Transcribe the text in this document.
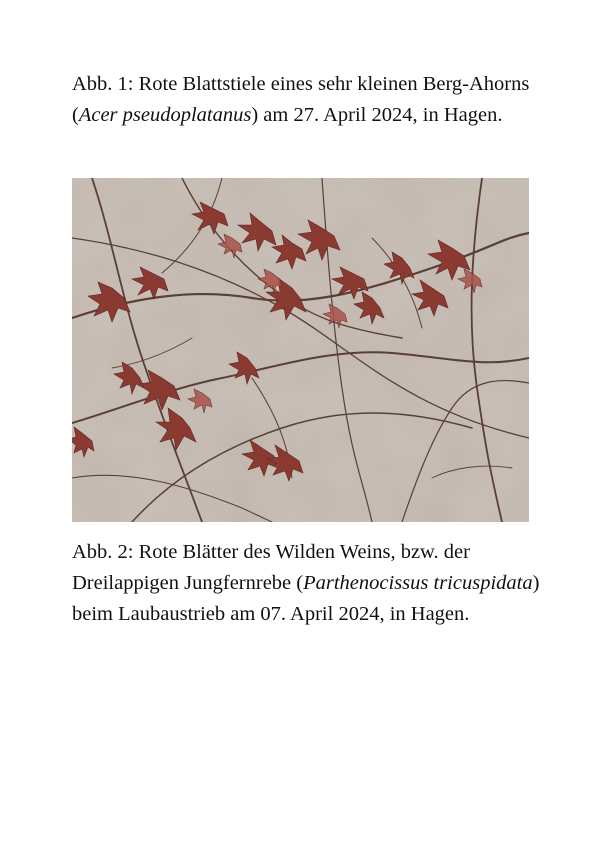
Abb. 1: Rote Blattstiele eines sehr kleinen Berg-Ahorns (Acer pseudoplatanus) am 27. April 2024, in Hagen.

Abb. 2: Rote Blätter des Wilden Weins, bzw. der Dreilappigen Jungfernrebe (Parthenocissus tricuspidata) beim Laubaustrieb am 07. April 2024, in Hagen.
